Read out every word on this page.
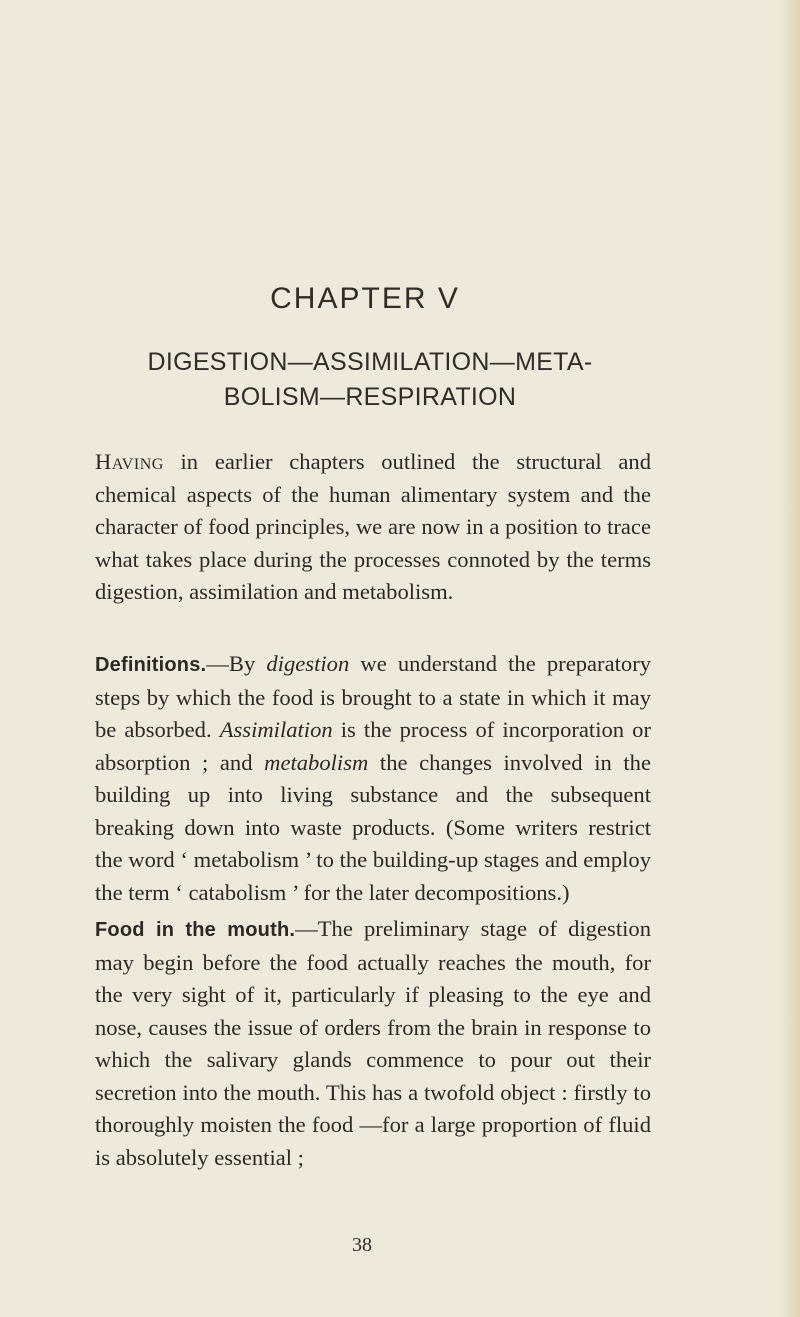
CHAPTER V
DIGESTION—ASSIMILATION—META-
BOLISM—RESPIRATION

Having in earlier chapters outlined the structural and chemical aspects of the human alimentary system and the character of food principles, we are now in a position to trace what takes place during the processes connoted by the terms digestion, assimilation and metabolism.

Definitions.—By digestion we understand the preparatory steps by which the food is brought to a state in which it may be absorbed. Assimilation is the process of incorporation or absorption ; and metabolism the changes involved in the building up into living substance and the subsequent breaking down into waste products. (Some writers restrict the word ‘ metabolism ’ to the building-up stages and employ the term ‘ catabolism ’ for the later decompositions.)

Food in the mouth.—The preliminary stage of digestion may begin before the food actually reaches the mouth, for the very sight of it, particularly if pleasing to the eye and nose, causes the issue of orders from the brain in response to which the salivary glands commence to pour out their secretion into the mouth. This has a twofold object : firstly to thoroughly moisten the food —for a large proportion of fluid is absolutely essential ;

38
